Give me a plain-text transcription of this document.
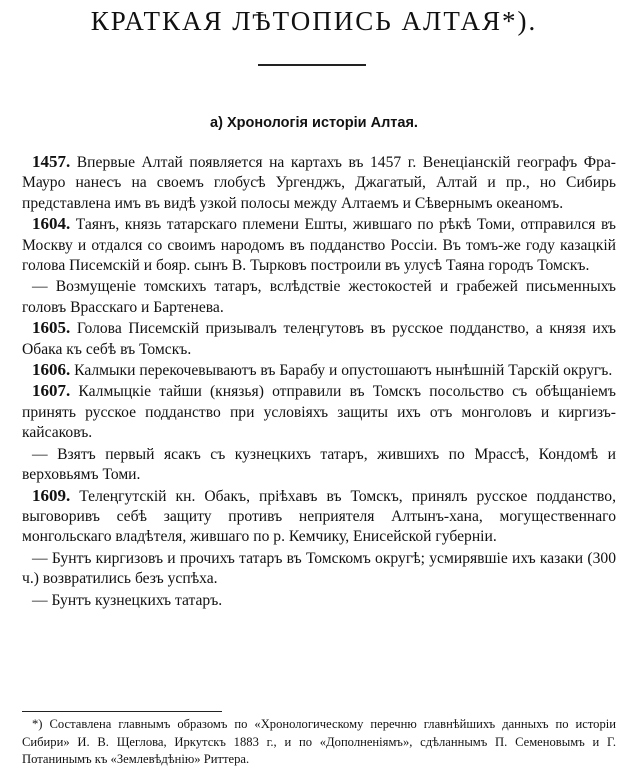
КРАТКАЯ ЛѢТОПИСЬ АЛТАЯ*).
а) Хронологія исторіи Алтая.

1457. Впервые Алтай появляется на картахъ въ 1457 г. Венеціанскій географъ Фра-Мауро нанесъ на своемъ глобусѣ Ургенджъ, Джагатый, Алтай и пр., но Сибирь представлена имъ въ видѣ узкой полосы между Алтаемъ и Сѣвернымъ океаномъ.

1604. Таянъ, князь татарскаго племени Ешты, жившаго по рѣкѣ Томи, отправился въ Москву и отдался со своимъ народомъ въ подданство Россіи. Въ томъ-же году казацкій голова Писемскій и бояр. сынъ В. Тырковъ построили въ улусѣ Таяна городъ Томскъ.

— Возмущеніе томскихъ татаръ, вслѣдствіе жестокостей и грабежей письменныхъ головъ Врасскаго и Бартенева.

1605. Голова Писемскій призывалъ телеңгутовъ въ русское подданство, а князя ихъ Обака къ себѣ въ Томскъ.

1606. Калмыки перекочевываютъ въ Барабу и опустошаютъ нынѣшній Тарскій округъ.

1607. Калмыцкіе тайши (князья) отправили въ Томскъ посольство съ обѣщаніемъ принять русское подданство при условіяхъ защиты ихъ отъ монголовъ и киргизъ-кайсаковъ.

— Взятъ первый ясакъ съ кузнецкихъ татаръ, жившихъ по Мрассѣ, Кондомѣ и верховьямъ Томи.

1609. Телеңгутскій кн. Обакъ, пріѣхавъ въ Томскъ, принялъ русское подданство, выговоривъ себѣ защиту противъ неприятеля Алтынъ-хана, могущественнаго монгольскаго владѣтеля, жившаго по р. Кемчику, Енисейской губерніи.

— Бунтъ киргизовъ и прочихъ татаръ въ Томскомъ округѣ; усмирявшіе ихъ казаки (300 ч.) возвратились безъ успѣха.

— Бунтъ кузнецкихъ татаръ.

*) Составлена главнымъ образомъ по «Хронологическому перечню главнѣйшихъ данныхъ по исторіи Сибири» И. В. Щеглова, Иркутскъ 1883 г., и по «Дополненіямъ», сдѣланнымъ П. Семеновымъ и Г. Потанинымъ къ «Землевѣдѣнію» Риттера.
